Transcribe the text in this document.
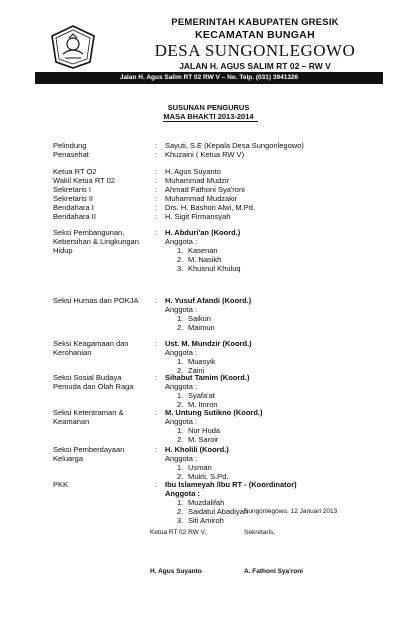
PEMERINTAH KABUPATEN GRESIK
KECAMATAN BUNGAH
DESA SUNGONLEGOWO
JALAN H. AGUS SALIM RT 02 – RW V
Jalan H. Agus Salim RT 02 RW V – No. Telp. (031) 3941326
SUSUNAN PENGURUS
MASA BHAKTI 2013-2014
Pelindung	: Sayuti, S.E (Kepala Desa Sungonlegowo)
Penasehat	: Khuzaini ( Ketua RW V)
Ketua RT O2	: H. Agus Suyanto
Wakil Ketua RT 02	: Muhammad Mudzir
Sekretaris I	: Ahmad Fathoni Sya'roni
Sekretaris II	: Muhammad Mudzakir
Bendahara I	: Drs. H. Bashori Alwi, M.Pd.
Bendahara II	: H. Sigit Firmansyah
Seksi Pembangunan,
Kebersihan & Lingkungan
Hidup
: H. Abduri'an (Koord.)
Anggota :
1. Kasenan
2. M. Nasikh
3. Khusnul Khuluq
Seksi Humas dan POKJA : H. Yusuf Afandi (Koord.)
Anggota :
1. Saikun
2. Maimun
Seksi Keagamaan dan
Kerohanian
: Ust. M. Mundzir (Koord.)
Anggota :
1. Muasyik
2. Zaini
Seksi Sosial Budaya
Pemuda dan Olah Raga
: Sihabut Tamim (Koord.)
Anggota :
1. Syafa'at
2. M. Imron
Seksi Ketentraman &
Keamanan
: M. Untung Sutikno (Koord.)
Anggota :
1. Nur Huda
2. M. Saroir
Seksi Pemberdayaan
Keluarga
: H. Kholili (Koord.)
Anggota :
1. Usman
2. Mukti, S.Pd.
PKK	: Ibu Islameyah /Ibu RT - (Koordinator)
Anggota :
1. Muzdalifah
2. Saidatul Abadiyah
3. Siti Amiroh
Sungonlegowo, 12 Januari 2013
Ketua RT 02 RW V,	Sekretaris,
H. Agus Suyanto	A. Fathoni Sya'roni
